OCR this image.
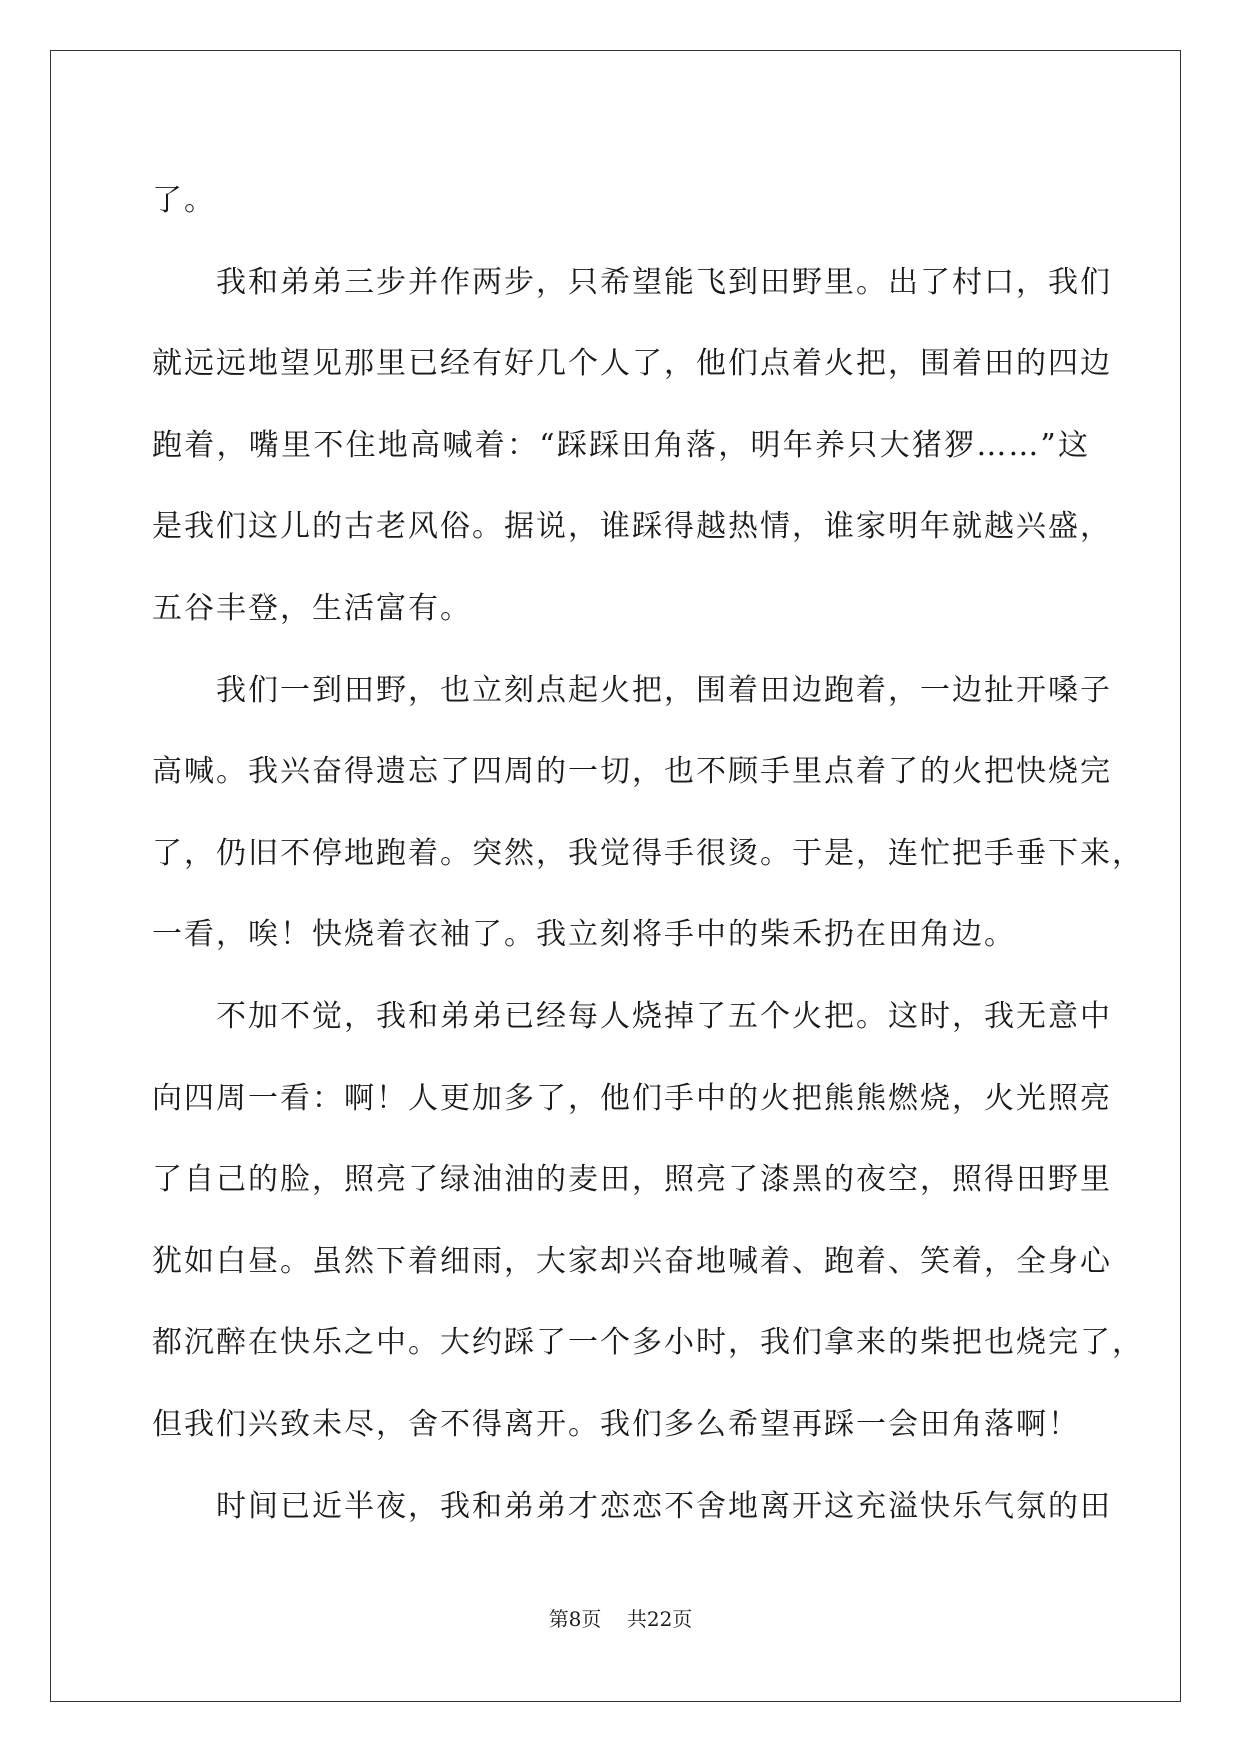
了。
我和弟弟三步并作两步，只希望能飞到田野里。出了村口，我们
就远远地望见那里已经有好几个人了，他们点着火把，围着田的四边
跑着，嘴里不住地高喊着：“踩踩田角落，明年养只大猪猡……”这
是我们这儿的古老风俗。据说，谁踩得越热情，谁家明年就越兴盛，
五谷丰登，生活富有。
我们一到田野，也立刻点起火把，围着田边跑着，一边扯开嗓子
高喊。我兴奋得遗忘了四周的一切，也不顾手里点着了的火把快烧完
了，仍旧不停地跑着。突然，我觉得手很烫。于是，连忙把手垂下来，
一看，唉！快烧着衣袖了。我立刻将手中的柴禾扔在田角边。
不加不觉，我和弟弟已经每人烧掉了五个火把。这时，我无意中
向四周一看：啊！人更加多了，他们手中的火把熊熊燃烧，火光照亮
了自己的脸，照亮了绿油油的麦田，照亮了漆黑的夜空，照得田野里
犹如白昼。虽然下着细雨，大家却兴奋地喊着、跑着、笑着，全身心
都沉醉在快乐之中。大约踩了一个多小时，我们拿来的柴把也烧完了，
但我们兴致未尽，舍不得离开。我们多么希望再踩一会田角落啊！
时间已近半夜，我和弟弟才恋恋不舍地离开这充溢快乐气氛的田
第8页 共22页
